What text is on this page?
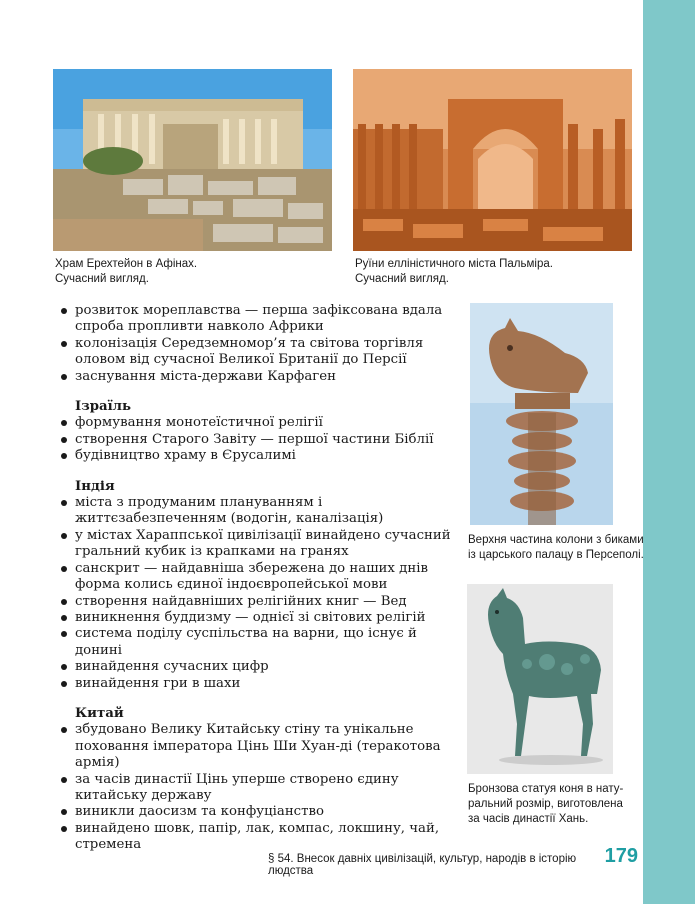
Храм Ерехтейон в Афінах.
Сучасний вигляд.
Руїни елліністичного міста Пальміра.
Сучасний вигляд.
Верхня частина колони з биками
із царського палацу в Персеполі.
Бронзова статуя коня в нату-
ральний розмір, виготовлена
за часів династії Хань.
розвиток мореплавства — перша зафіксована вдала спроба пропливти навколо Африки
колонізація Середземномор’я та світова торгівля оловом від сучасної Великої Британії до Персії
заснування міста-держави Карфаген
Ізраїль
формування монотеїстичної релігії
створення Старого Завіту — першої частини Біблії
будівництво храму в Єрусалимі
Індія
міста з продуманим плануванням і життєзабезпеченням (водогін, каналізація)
у містах Хараппської цивілізації винайдено сучасний гральний кубик із крапками на гранях
санскрит — найдавніша збережена до наших днів форма колись єдиної індоєвропейської мови
створення найдавніших релігійних книг — Вед
виникнення буддизму — однієї зі світових релігій
система поділу суспільства на варни, що існує й донині
винайдення сучасних цифр
винайдення гри в шахи
Китай
збудовано Велику Китайську стіну та унікальне поховання імператора Цінь Ши Хуан-ді (теракотова армія)
за часів династії Цінь уперше створено єдину китайську державу
виникли даосизм та конфуціанство
винайдено шовк, папір, лак, компас, локшину, чай, стремена
§ 54. Внесок давніх цивілізацій, культур, народів в історію людства
179
